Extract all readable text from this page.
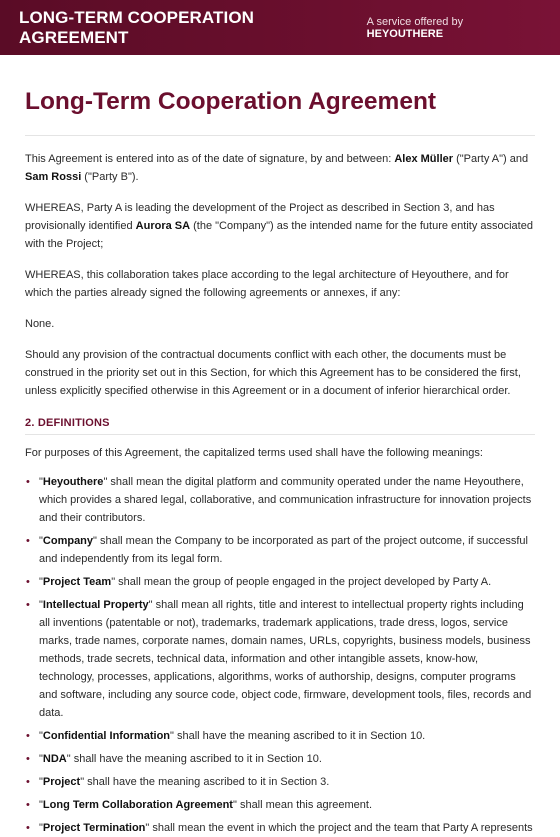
LONG-TERM COOPERATION AGREEMENT
A service offered by HEYOUTHERE
Long-Term Cooperation Agreement

This Agreement is entered into as of the date of signature, by and between: Alex Müller ("Party A") and Sam Rossi ("Party B").

WHEREAS, Party A is leading the development of the Project as described in Section 3, and has provisionally identified Aurora SA (the "Company") as the intended name for the future entity associated with the Project;

WHEREAS, this collaboration takes place according to the legal architecture of Heyouthere, and for which the parties already signed the following agreements or annexes, if any:

None.

Should any provision of the contractual documents conflict with each other, the documents must be construed in the priority set out in this Section, for which this Agreement has to be considered the first, unless explicitly specified otherwise in this Agreement or in a document of inferior hierarchical order.

2. DEFINITIONS

For purposes of this Agreement, the capitalized terms used shall have the following meanings:

• "Heyouthere" shall mean the digital platform and community operated under the name Heyouthere, which provides a shared legal, collaborative, and communication infrastructure for innovation projects and their contributors.
• "Company" shall mean the Company to be incorporated as part of the project outcome, if successful and independently from its legal form.
• "Project Team" shall mean the group of people engaged in the project developed by Party A.
• "Intellectual Property" shall mean all rights, title and interest to intellectual property rights including all inventions (patentable or not), trademarks, trademark applications, trade dress, logos, service marks, trade names, corporate names, domain names, URLs, copyrights, business models, business methods, trade secrets, technical data, information and other intangible assets, know-how, technology, processes, applications, algorithms, works of authorship, designs, computer programs and software, including any source code, object code, firmware, development tools, files, records and data.
• "Confidential Information" shall have the meaning ascribed to it in Section 10.
• "NDA" shall have the meaning ascribed to it in Section 10.
• "Project" shall have the meaning ascribed to it in Section 3.
• "Long Term Collaboration Agreement" shall mean this agreement.
• "Project Termination" shall mean the event in which the project and the team that Party A represents
